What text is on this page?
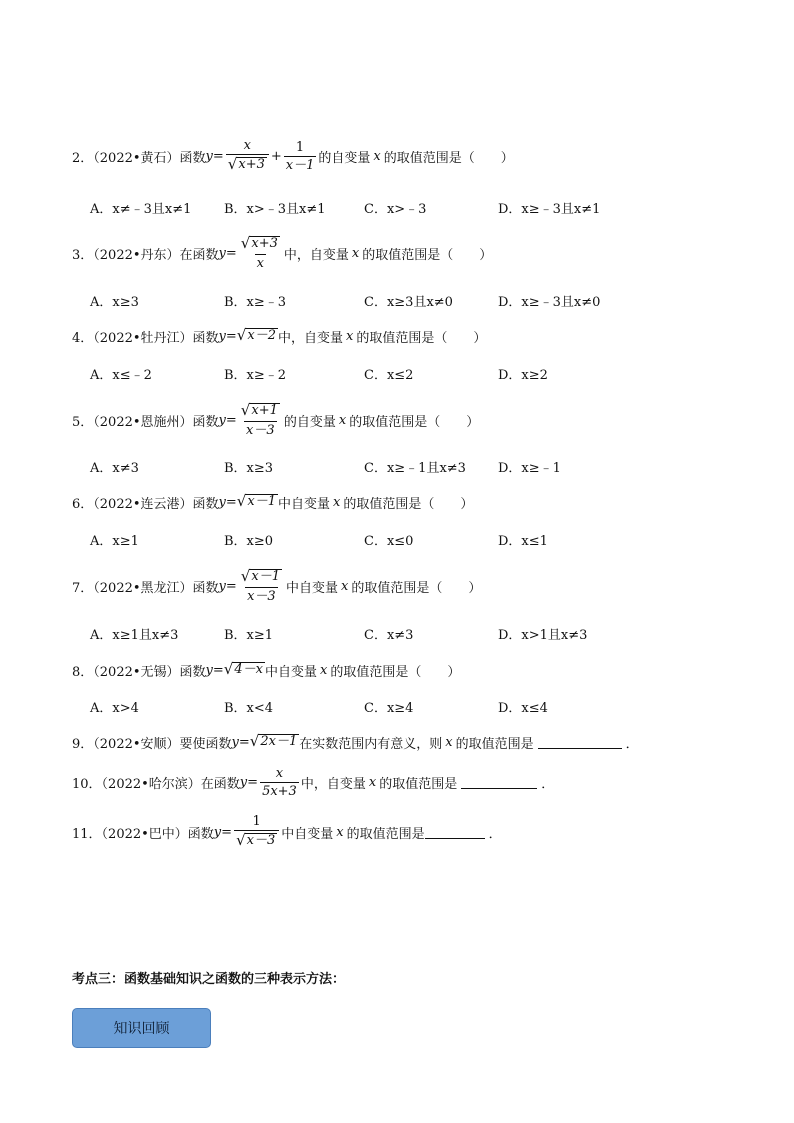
2．（2022•黄石）函数 $y = \frac{x}{√ x+3} + \frac{1}{x-1}$ 的自变量 x 的取值范围是（　　）
A．x≠﹣3且x≠1	B．x>﹣3且x≠1	C．x>﹣3	D．x≥﹣3且x≠1
3．（2022•丹东）在函数 $y = \frac{√ x+3}{x}$ 中，自变量 x 的取值范围是（　　）
A．x≥3	B．x≥﹣3	C．x≥3且x≠0	D．x≥﹣3且x≠0
4．（2022•牡丹江）函数 y = √ x－2 中，自变量 x 的取值范围是（　　）
A．x≤﹣2	B．x≥﹣2	C．x≤2	D．x≥2
5．（2022•恩施州）函数 $y = \frac{√ x+1}{x-3}$ 的自变量 x 的取值范围是（　　）
A．x≠3	B．x≥3	C．x≥﹣1且x≠3 D．x≥﹣1
6．（2022•连云港）函数 y = √ x－1 中自变量 x 的取值范围是（　　）
A．x≥1	B．x≥0	C．x≤0	D．x≤1
7．（2022•黑龙江）函数 $y = \frac{√ x-1}{x-3}$ 中自变量 x 的取值范围是（　　）
A．x≥1且x≠3	B．x≥1	C．x≠3	D．x>1且x≠3
8．（2022•无锡）函数 y = √ 4－x 中自变量 x 的取值范围是（　　）
A．x>4	B．x<4	C．x≥4	D．x≤4
9．（2022•安顺）要使函数 y = √ 2x－1 在实数范围内有意义，则 x 的取值范围是	．
10．（2022•哈尔滨）在函数 $y = \frac{x}{5x+3}$ 中，自变量 x 的取值范围是	．
11．（2022•巴中）函数 $y = \frac{1}{√ x-3}$ 中自变量 x 的取值范围是	．
考点三：函数基础知识之函数的三种表示方法：
知识回顾
